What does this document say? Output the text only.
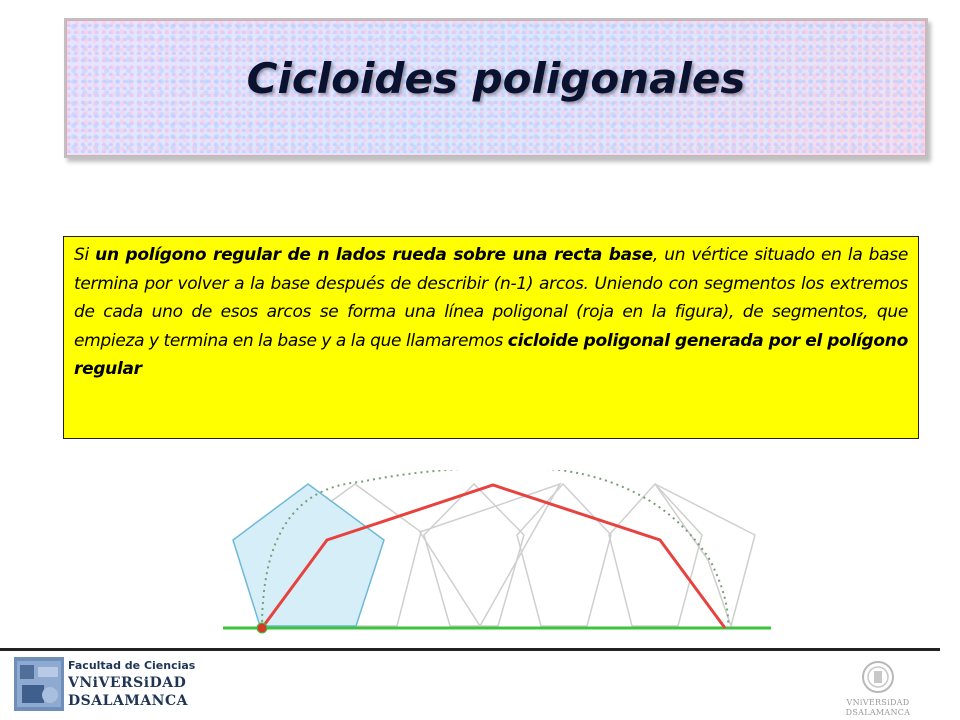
Cicloides poligonales
Si un polígono regular de n lados rueda sobre una recta base, un vértice situado en la base termina por volver a la base después de describir (n-1) arcos. Uniendo con segmentos los extremos de cada uno de esos arcos se forma una línea poligonal (roja en la figura), de segmentos, que empieza y termina en la base y a la que llamaremos cicloide poligonal generada por el polígono regular
Facultad de Ciencias
VNiVERSiDAD
DSALAMANCA	VNiVERSiDAD
DSALAMANCA
